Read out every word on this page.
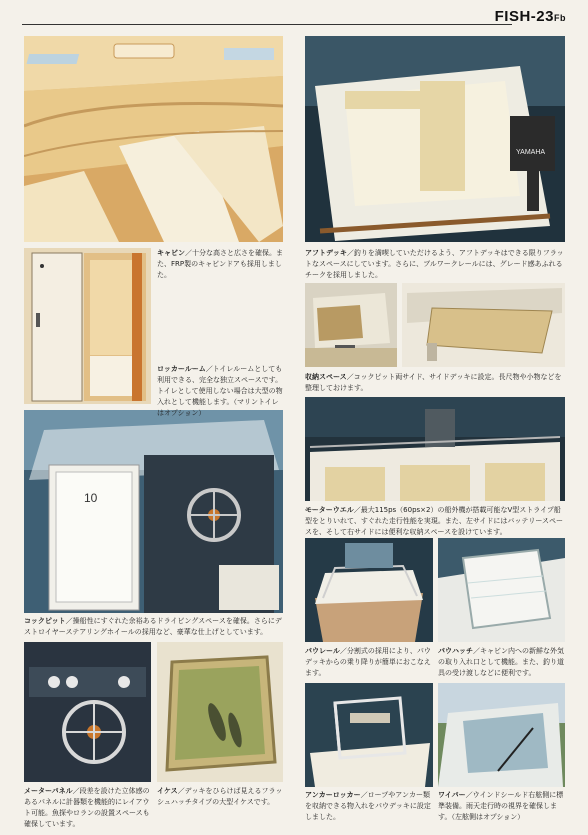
FISH-23Fb
10
YAMAHA
キャビン／十分な高さと広さを確保。また、FRP製のキャビンドアも採用しました。
アフトデッキ／釣りを満喫していただけるよう、アフトデッキはできる限りフラットなスペースにしています。さらに、ブルワークレールには、グレード感あふれるチークを採用しました。
ロッカールーム／トイレルームとしても利用できる、完全な独立スペースです。トイレとして使用しない場合は大型の物入れとして機能します。（マリントイレはオプション）
収納スペース／コックピット両サイド、サイドデッキに設定。長尺物や小物などを整理しておけます。
コックピット／操船性にすぐれた余裕あるドライビングスペースを確保。さらにデストロイヤーステアリングホイールの採用など、豪華な仕上げとしています。
モーターウエル／最大115ps（60ps×2）の船外機が搭載可能なV型ストライプ船型をとりいれて、すぐれた走行性能を実現。また、左サイドにはバッテリースペースを、そして右サイドには便利な収納スペースを設けています。
パウレール／分割式の採用により、パウデッキからの乗り降りが簡単におこなえます。
パウハッチ／キャビン内への新鮮な外気の取り入れ口として機能。また、釣り道具の受け渡しなどに便利です。
メーターパネル／段差を設けた立体感のあるパネルに計器類を機能的にレイアウト可能。魚探やロランの設置スペースも確保しています。
イケス／デッキをひらけば見えるフラッシュハッチタイプの大型イケスです。
アンカーロッカー／ロープやアンカー類を収納できる物入れをパウデッキに設定しました。
ワイパー／ウインドシールド右舷側に標準装備。雨天走行時の視界を確保します。（左舷側はオプション）
